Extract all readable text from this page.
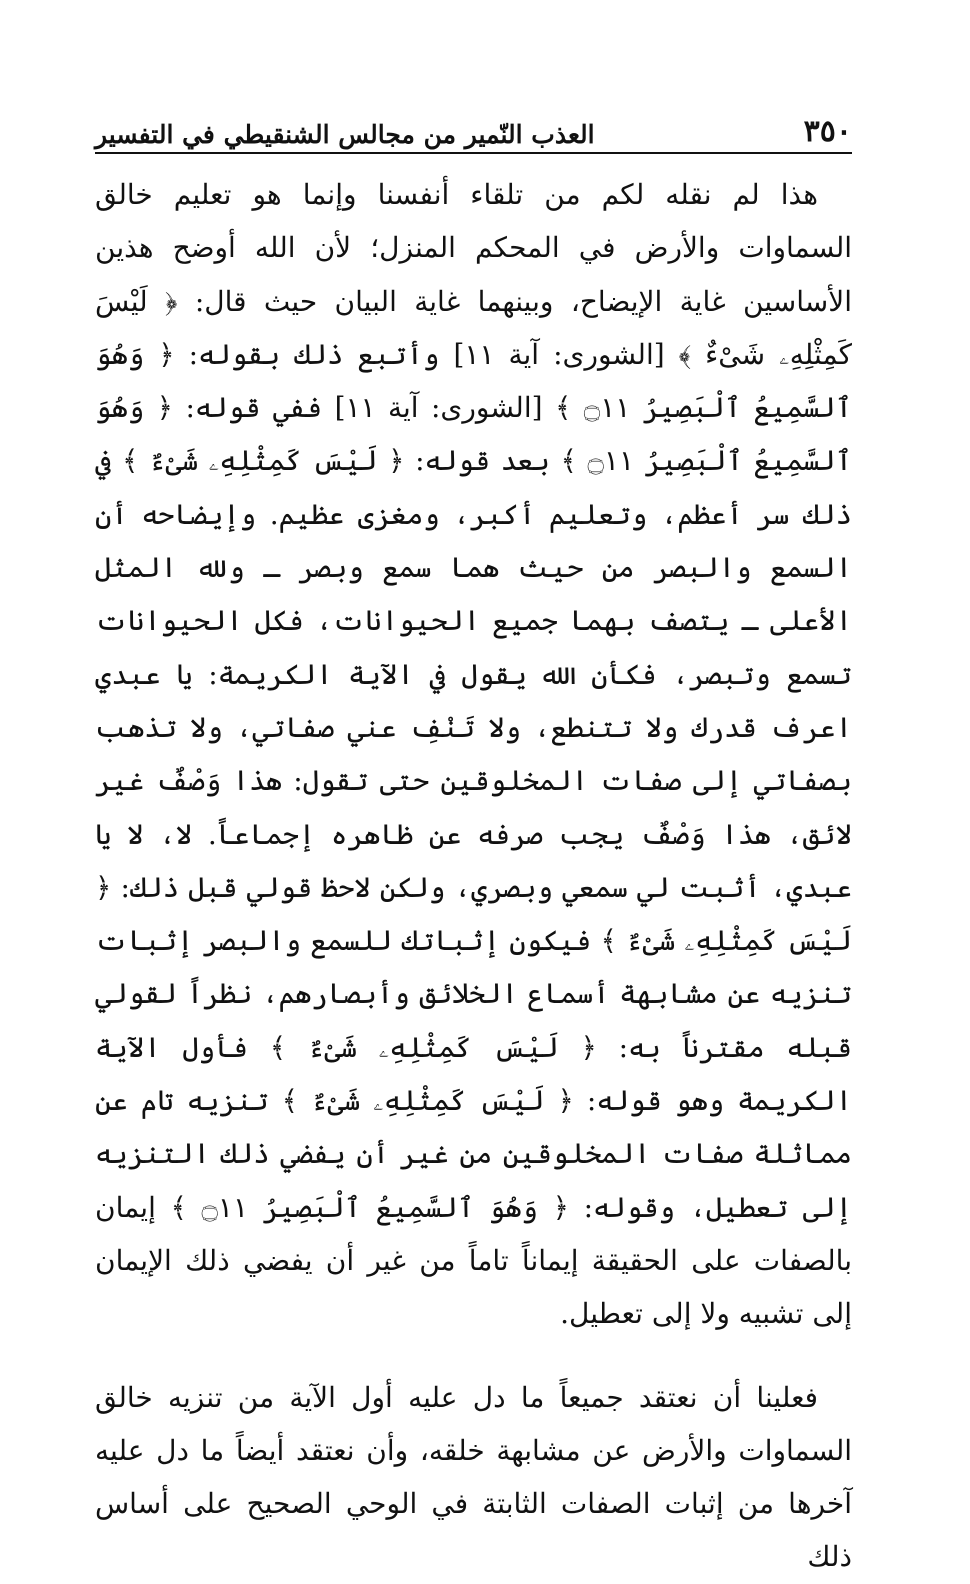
٣٥٠
العذب النّمير من مجالس الشنقيطي في التفسير

هذا لم نقله لكم من تلقاء أنفسنا وإنما هو تعليم خالق السماوات والأرض في المحكم المنزل؛ لأن الله أوضح هذين الأساسين غاية الإيضاح، وبينهما غاية البيان حيث قال: ﴿ لَيْسَ كَمِثْلِهِۦ شَىْءٌ ﴾ [الشورى: آية ١١] وأتبع ذلك بقوله: ﴿ وَهُوَ ٱلسَّمِيعُ ٱلْبَصِيرُ ۝١١ ﴾ [الشورى: آية ١١] ففي قوله: ﴿ وَهُوَ ٱلسَّمِيعُ ٱلْبَصِيرُ ۝١١ ﴾ بعد قوله: ﴿ لَيْسَ كَمِثْلِهِۦ شَىْءٌ ﴾ في ذلك سر أعظم، وتعليم أكبر، ومغزى عظيم. وإيضاحه أن السمع والبصر من حيث هما سمع وبصر ـ ولله المثل الأعلى ـ يتصف بهما جميع الحيوانات، فكل الحيوانات تسمع وتبصر، فكأن الله يقول في الآية الكريمة: يا عبدي اعرف قدرك ولا تتنطع، ولا تَنْفِ عني صفاتي، ولا تذهب بصفاتي إلى صفات المخلوقين حتى تقول: هذا وَصْفٌ غير لائق، هذا وَصْفٌ يجب صرفه عن ظاهره إجماعاً. لا، لا يا عبدي، أثبت لي سمعي وبصري، ولكن لاحظ قولي قبل ذلك: ﴿ لَيْسَ كَمِثْلِهِۦ شَىْءٌ ﴾ فيكون إثباتك للسمع والبصر إثبات تنزيه عن مشابهة أسماع الخلائق وأبصارهم، نظراً لقولي قبله مقترناً به: ﴿ لَيْسَ كَمِثْلِهِۦ شَىْءٌ ﴾ فأول الآية الكريمة وهو قوله: ﴿ لَيْسَ كَمِثْلِهِۦ شَىْءٌ ﴾ تنزيه تام عن مماثلة صفات المخلوقين من غير أن يفضي ذلك التنزيه إلى تعطيل، وقوله: ﴿ وَهُوَ ٱلسَّمِيعُ ٱلْبَصِيرُ ۝١١ ﴾ إيمان بالصفات على الحقيقة إيماناً تاماً من غير أن يفضي ذلك الإيمان إلى تشبيه ولا إلى تعطيل.

فعلينا أن نعتقد جميعاً ما دل عليه أول الآية من تنزيه خالق السماوات والأرض عن مشابهة خلقه، وأن نعتقد أيضاً ما دل عليه آخرها من إثبات الصفات الثابتة في الوحي الصحيح على أساس ذلك
